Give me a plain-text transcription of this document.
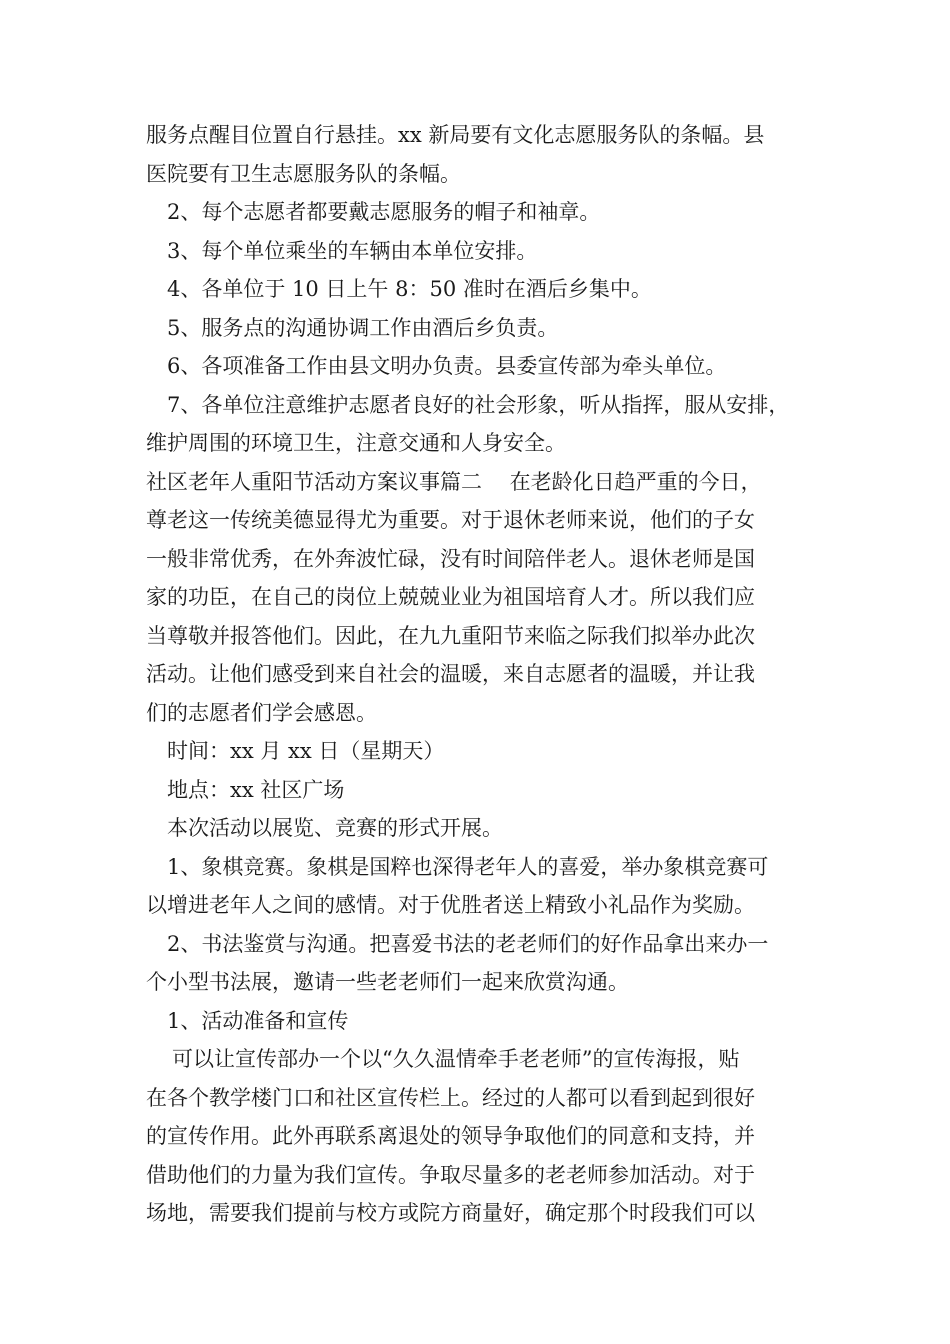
服务点醒目位置自行悬挂。xx 新局要有文化志愿服务队的条幅。县
医院要有卫生志愿服务队的条幅。

2、每个志愿者都要戴志愿服务的帽子和袖章。

3、每个单位乘坐的车辆由本单位安排。

4、各单位于 10 日上午 8：50 准时在酒后乡集中。

5、服务点的沟通协调工作由酒后乡负责。

6、各项准备工作由县文明办负责。县委宣传部为牵头单位。

7、各单位注意维护志愿者良好的社会形象，听从指挥，服从安排，
维护周围的环境卫生，注意交通和人身安全。

社区老年人重阳节活动方案议事篇二　 在老龄化日趋严重的今日，
尊老这一传统美德显得尤为重要。对于退休老师来说，他们的子女
一般非常优秀，在外奔波忙碌，没有时间陪伴老人。退休老师是国
家的功臣，在自己的岗位上兢兢业业为祖国培育人才。所以我们应
当尊敬并报答他们。因此，在九九重阳节来临之际我们拟举办此次
活动。让他们感受到来自社会的温暖，来自志愿者的温暖，并让我
们的志愿者们学会感恩。

时间：xx 月 xx 日（星期天）

地点：xx 社区广场

本次活动以展览、竞赛的形式开展。

1、象棋竞赛。象棋是国粹也深得老年人的喜爱，举办象棋竞赛可
以增进老年人之间的感情。对于优胜者送上精致小礼品作为奖励。

2、书法鉴赏与沟通。把喜爱书法的老老师们的好作品拿出来办一
个小型书法展，邀请一些老老师们一起来欣赏沟通。

1、活动准备和宣传

可以让宣传部办一个以“久久温情牵手老老师”的宣传海报，贴
在各个教学楼门口和社区宣传栏上。经过的人都可以看到起到很好
的宣传作用。此外再联系离退处的领导争取他们的同意和支持，并
借助他们的力量为我们宣传。争取尽量多的老老师参加活动。对于
场地，需要我们提前与校方或院方商量好，确定那个时段我们可以
